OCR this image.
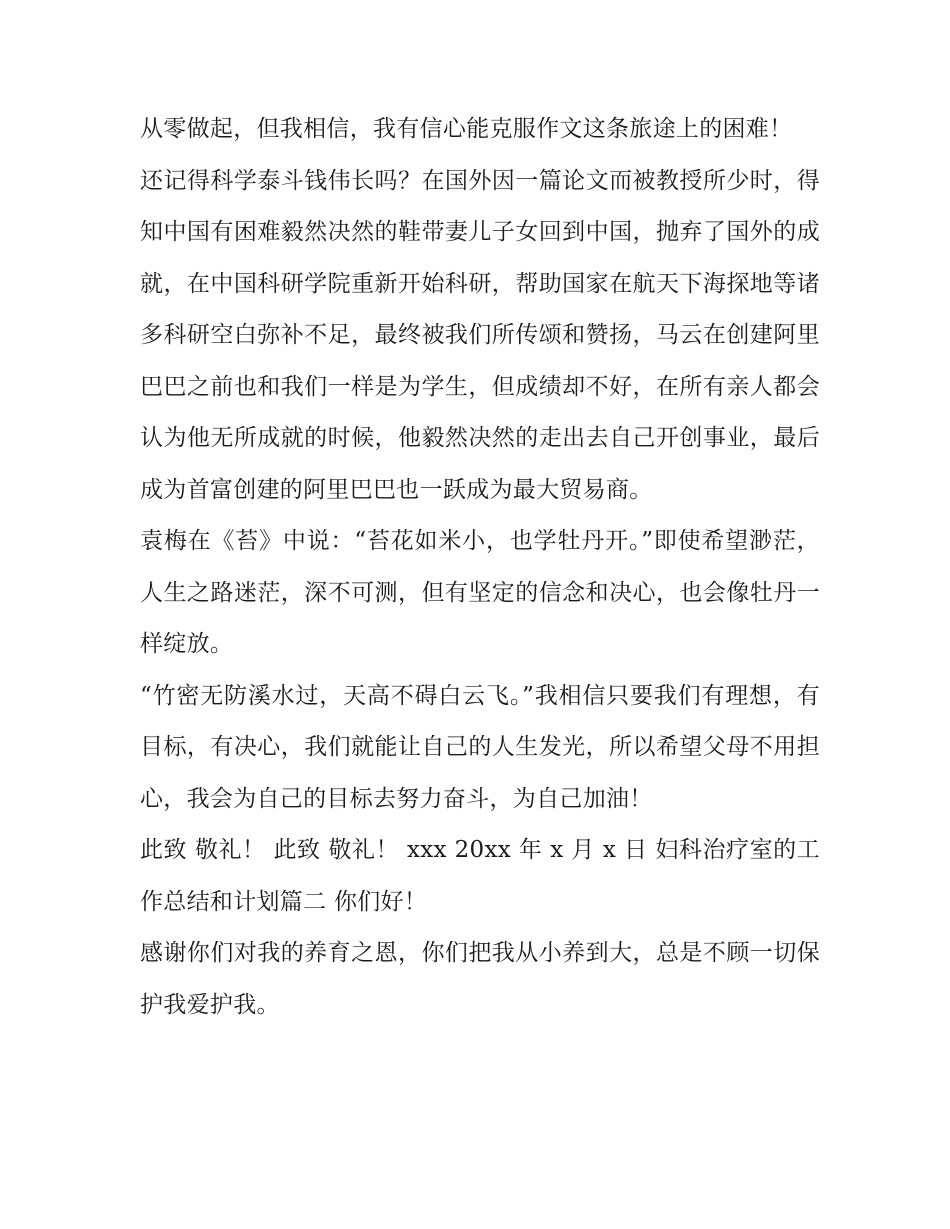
从零做起，但我相信，我有信心能克服作文这条旅途上的困难！

还记得科学泰斗钱伟长吗？在国外因一篇论文而被教授所少时，得知中国有困难毅然决然的鞋带妻儿子女回到中国，抛弃了国外的成就，在中国科研学院重新开始科研，帮助国家在航天下海探地等诸多科研空白弥补不足，最终被我们所传颂和赞扬，马云在创建阿里巴巴之前也和我们一样是为学生，但成绩却不好，在所有亲人都会认为他无所成就的时候，他毅然决然的走出去自己开创事业，最后成为首富创建的阿里巴巴也一跃成为最大贸易商。

袁梅在《苔》中说：“苔花如米小，也学牡丹开。”即使希望渺茫，人生之路迷茫，深不可测，但有坚定的信念和决心，也会像牡丹一样绽放。

“竹密无防溪水过，天高不碍白云飞。”我相信只要我们有理想，有目标，有决心，我们就能让自己的人生发光，所以希望父母不用担心，我会为自己的目标去努力奋斗，为自己加油！

此致 敬礼！ 此致 敬礼！ xxx 20xx 年 x 月 x 日 妇科治疗室的工作总结和计划篇二 你们好！

感谢你们对我的养育之恩，你们把我从小养到大，总是不顾一切保护我爱护我。
